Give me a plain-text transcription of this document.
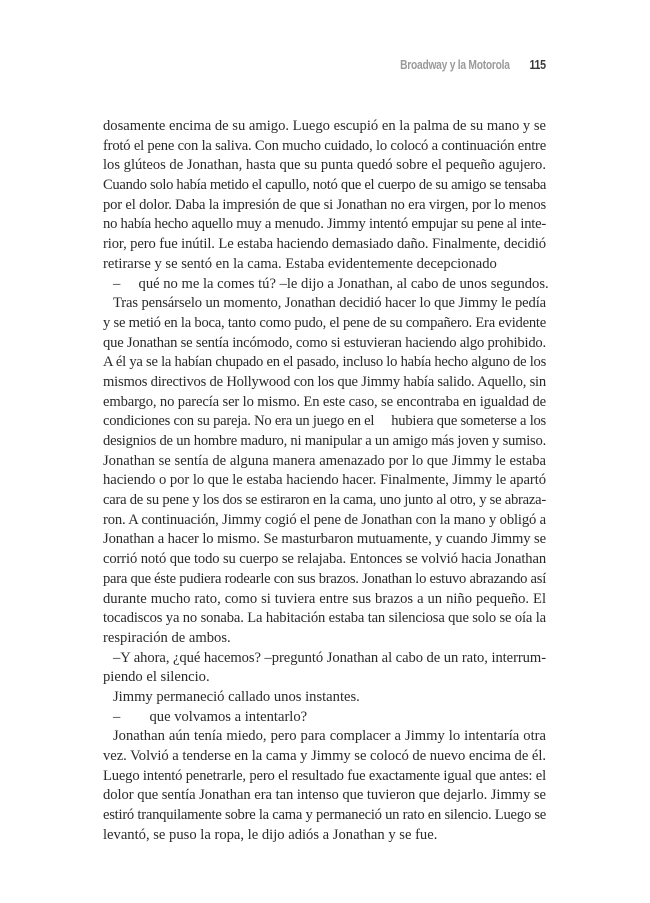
Broadway y la Motorola 115
dosamente encima de su amigo. Luego escupió en la palma de su mano y se
frotó el pene con la saliva. Con mucho cuidado, lo colocó a continuación entre
los glúteos de Jonathan, hasta que su punta quedó sobre el pequeño agujero.
Cuando solo había metido el capullo, notó que el cuerpo de su amigo se tensaba
por el dolor. Daba la impresión de que si Jonathan no era virgen, por lo menos
no había hecho aquello muy a menudo. Jimmy intentó empujar su pene al inte-
rior, pero fue inútil. Le estaba haciendo demasiado daño. Finalmente, decidió
retirarse y se sentó en la cama. Estaba evidentemente decepcionado
–     qué no me la comes tú? –le dijo a Jonathan, al cabo de unos segundos.
Tras pensárselo un momento, Jonathan decidió hacer lo que Jimmy le pedía
y se metió en la boca, tanto como pudo, el pene de su compañero. Era evidente
que Jonathan se sentía incómodo, como si estuvieran haciendo algo prohibido.
A él ya se la habían chupado en el pasado, incluso lo había hecho alguno de los
mismos directivos de Hollywood con los que Jimmy había salido. Aquello, sin
embargo, no parecía ser lo mismo. En este caso, se encontraba en igualdad de
condiciones con su pareja. No era un juego en el     hubiera que someterse a los
designios de un hombre maduro, ni manipular a un amigo más joven y sumiso.
Jonathan se sentía de alguna manera amenazado por lo que Jimmy le estaba
haciendo o por lo que le estaba haciendo hacer. Finalmente, Jimmy le apartó
cara de su pene y los dos se estiraron en la cama, uno junto al otro, y se abraza-
ron. A continuación, Jimmy cogió el pene de Jonathan con la mano y obligó a
Jonathan a hacer lo mismo. Se masturbaron mutuamente, y cuando Jimmy se
corrió notó que todo su cuerpo se relajaba. Entonces se volvió hacia Jonathan
para que éste pudiera rodearle con sus brazos. Jonathan lo estuvo abrazando así
durante mucho rato, como si tuviera entre sus brazos a un niño pequeño. El
tocadiscos ya no sonaba. La habitación estaba tan silenciosa que solo se oía la
respiración de ambos.
–Y ahora, ¿qué hacemos? –preguntó Jonathan al cabo de un rato, interrum-
piendo el silencio.
Jimmy permaneció callado unos instantes.
–        que volvamos a intentarlo?
Jonathan aún tenía miedo, pero para complacer a Jimmy lo intentaría otra
vez. Volvió a tenderse en la cama y Jimmy se colocó de nuevo encima de él.
Luego intentó penetrarle, pero el resultado fue exactamente igual que antes: el
dolor que sentía Jonathan era tan intenso que tuvieron que dejarlo. Jimmy se
estiró tranquilamente sobre la cama y permaneció un rato en silencio. Luego se
levantó, se puso la ropa, le dijo adiós a Jonathan y se fue.
